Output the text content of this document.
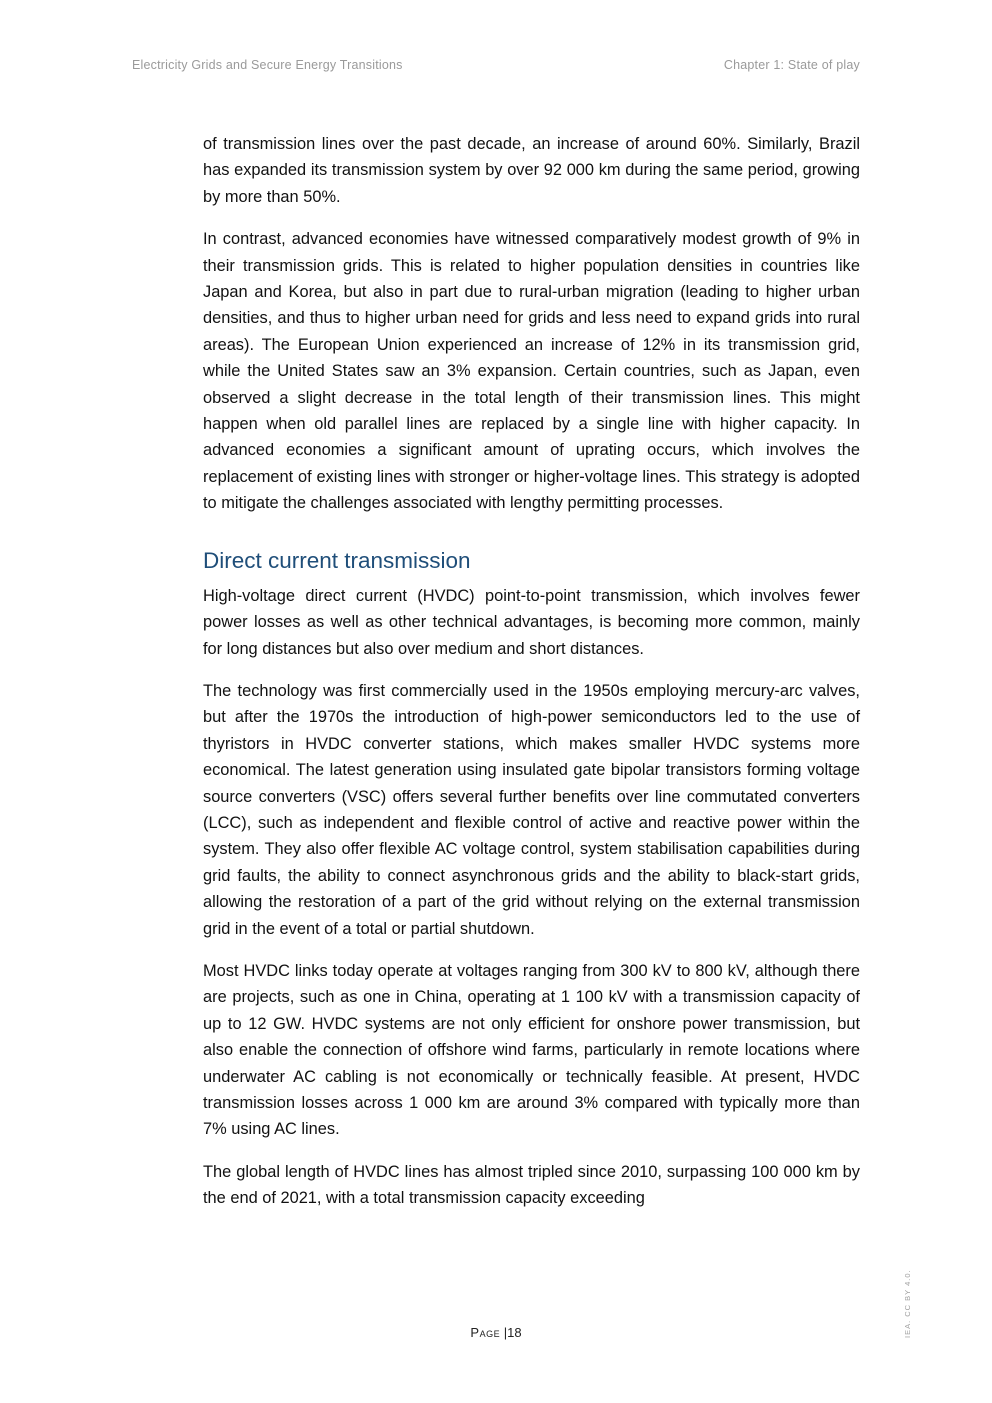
Electricity Grids and Secure Energy Transitions	Chapter 1: State of play

of transmission lines over the past decade, an increase of around 60%. Similarly, Brazil has expanded its transmission system by over 92 000 km during the same period, growing by more than 50%.

In contrast, advanced economies have witnessed comparatively modest growth of 9% in their transmission grids. This is related to higher population densities in countries like Japan and Korea, but also in part due to rural-urban migration (leading to higher urban densities, and thus to higher urban need for grids and less need to expand grids into rural areas). The European Union experienced an increase of 12% in its transmission grid, while the United States saw an 3% expansion. Certain countries, such as Japan, even observed a slight decrease in the total length of their transmission lines. This might happen when old parallel lines are replaced by a single line with higher capacity. In advanced economies a significant amount of uprating occurs, which involves the replacement of existing lines with stronger or higher-voltage lines. This strategy is adopted to mitigate the challenges associated with lengthy permitting processes.

Direct current transmission

High-voltage direct current (HVDC) point-to-point transmission, which involves fewer power losses as well as other technical advantages, is becoming more common, mainly for long distances but also over medium and short distances.

The technology was first commercially used in the 1950s employing mercury-arc valves, but after the 1970s the introduction of high-power semiconductors led to the use of thyristors in HVDC converter stations, which makes smaller HVDC systems more economical. The latest generation using insulated gate bipolar transistors forming voltage source converters (VSC) offers several further benefits over line commutated converters (LCC), such as independent and flexible control of active and reactive power within the system. They also offer flexible AC voltage control, system stabilisation capabilities during grid faults, the ability to connect asynchronous grids and the ability to black-start grids, allowing the restoration of a part of the grid without relying on the external transmission grid in the event of a total or partial shutdown.

Most HVDC links today operate at voltages ranging from 300 kV to 800 kV, although there are projects, such as one in China, operating at 1 100 kV with a transmission capacity of up to 12 GW. HVDC systems are not only efficient for onshore power transmission, but also enable the connection of offshore wind farms, particularly in remote locations where underwater AC cabling is not economically or technically feasible. At present, HVDC transmission losses across 1 000 km are around 3% compared with typically more than 7% using AC lines.

The global length of HVDC lines has almost tripled since 2010, surpassing 100 000 km by the end of 2021, with a total transmission capacity exceeding

Page |18	IEA. CC BY 4.0.
